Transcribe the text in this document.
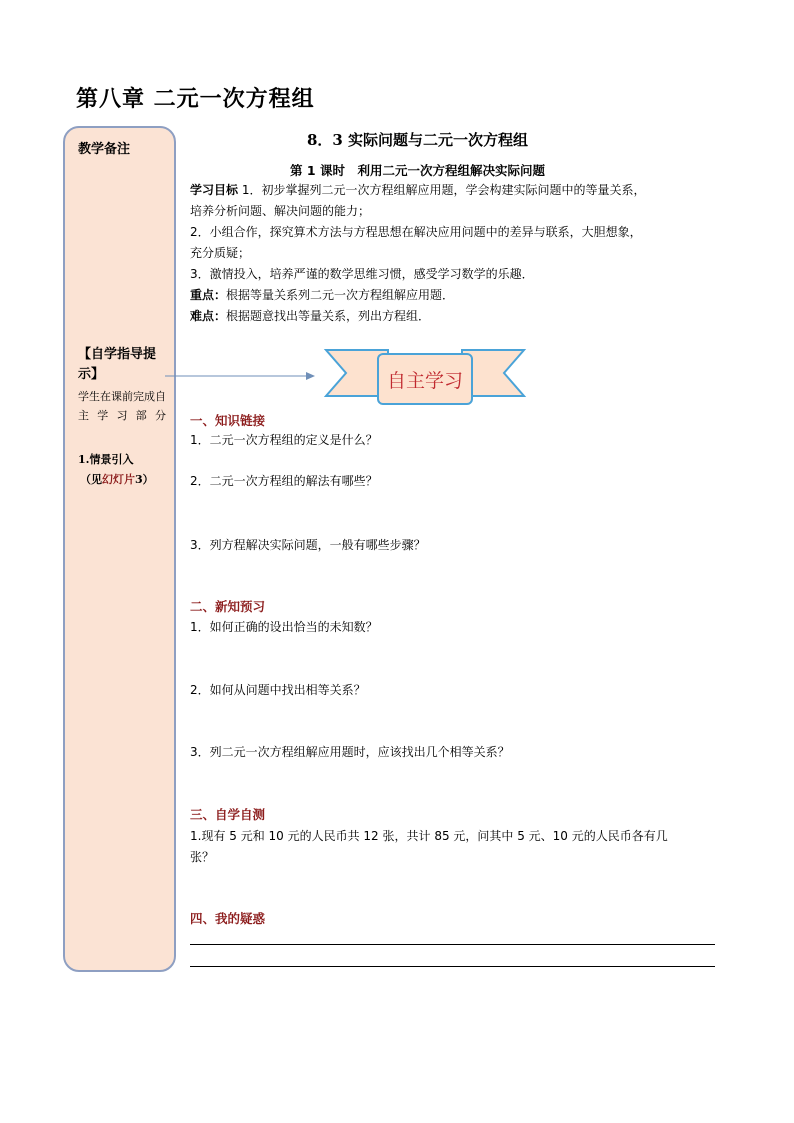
第八章 二元一次方程组
教学备注
【自学指导提示】
学生在课前完成自主学习部分
1.情景引入
（见幻灯片3）
8．3 实际问题与二元一次方程组
第 1 课时　利用二元一次方程组解决实际问题
学习目标 1．初步掌握列二元一次方程组解应用题，学会构建实际问题中的等量关系，
培养分析问题、解决问题的能力；
2．小组合作，探究算术方法与方程思想在解决应用问题中的差异与联系，大胆想象，
充分质疑；
3．激情投入，培养严谨的数学思维习惯，感受学习数学的乐趣．
重点：根据等量关系列二元一次方程组解应用题．
难点：根据题意找出等量关系，列出方程组．
自主学习
一、知识链接
1．二元一次方程组的定义是什么？
2．二元一次方程组的解法有哪些？
3．列方程解决实际问题，一般有哪些步骤？
二、新知预习
1．如何正确的设出恰当的未知数？
2．如何从问题中找出相等关系？
3．列二元一次方程组解应用题时，应该找出几个相等关系？
三、自学自测
1.现有 5 元和 10 元的人民币共 12 张，共计 85 元，问其中 5 元、10 元的人民币各有几
张？
四、我的疑惑
